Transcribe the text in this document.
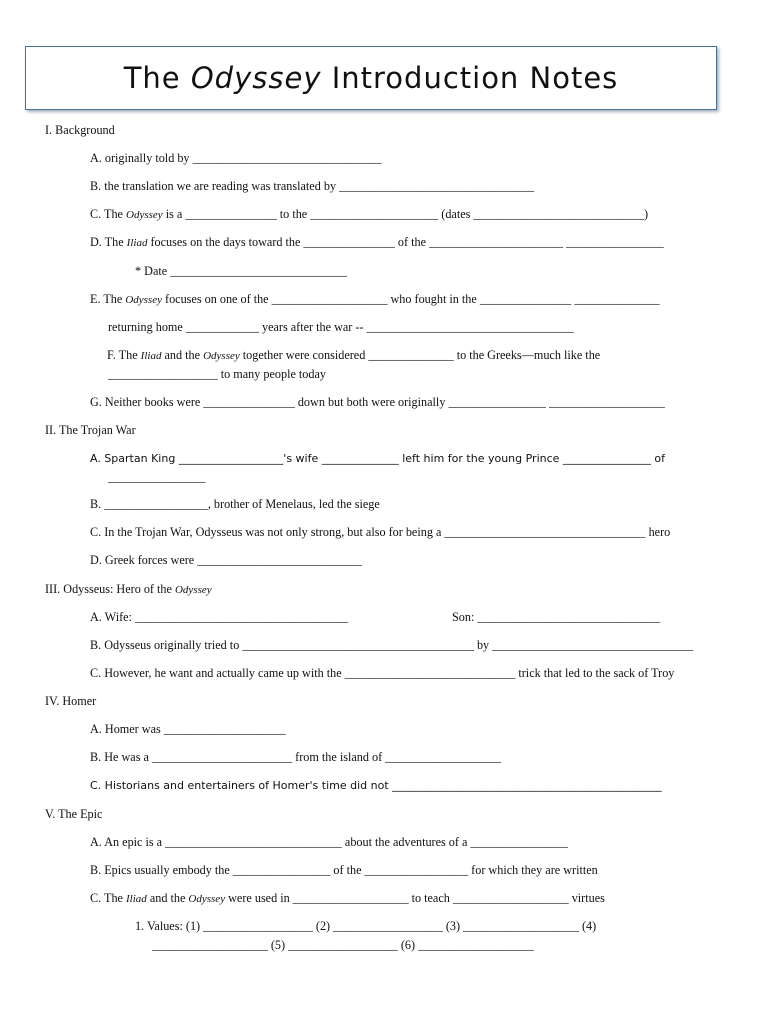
The Odyssey Introduction Notes
I. Background
A. originally told by _______________________________
B. the translation we are reading was translated by ________________________________
C. The Odyssey is a _______________ to the _____________________ (dates ____________________________)
D. The Iliad focuses on the days toward the _______________ of the ______________________ ________________
* Date _____________________________
E. The Odyssey focuses on one of the ___________________ who fought in the _______________ ______________
returning home ____________ years after the war -- __________________________________
F. The Iliad and the Odyssey together were considered ______________ to the Greeks—much like the
__________________ to many people today
G. Neither books were _______________ down but both were originally ________________ ___________________
II. The Trojan War
A. Spartan King ___________________'s wife ______________ left him for the young Prince ________________ of
________________
B. _________________, brother of Menelaus, led the siege
C. In the Trojan War, Odysseus was not only strong, but also for being a _________________________________ hero
D. Greek forces were ___________________________
III. Odysseus: Hero of the Odyssey
A. Wife: ___________________________________	Son: ______________________________
B. Odysseus originally tried to ______________________________________ by _________________________________
C. However, he want and actually came up with the ____________________________ trick that led to the sack of Troy
IV. Homer
A. Homer was ____________________
B. He was a _______________________ from the island of ___________________
C. Historians and entertainers of Homer's time did not _________________________________________________
V. The Epic
A. An epic is a _____________________________ about the adventures of a ________________
B. Epics usually embody the ________________ of the _________________ for which they are written
C. The Iliad and the Odyssey were used in ___________________ to teach ___________________ virtues
1. Values: (1) __________________ (2) __________________ (3) ___________________ (4)
___________________ (5) __________________ (6) ___________________
